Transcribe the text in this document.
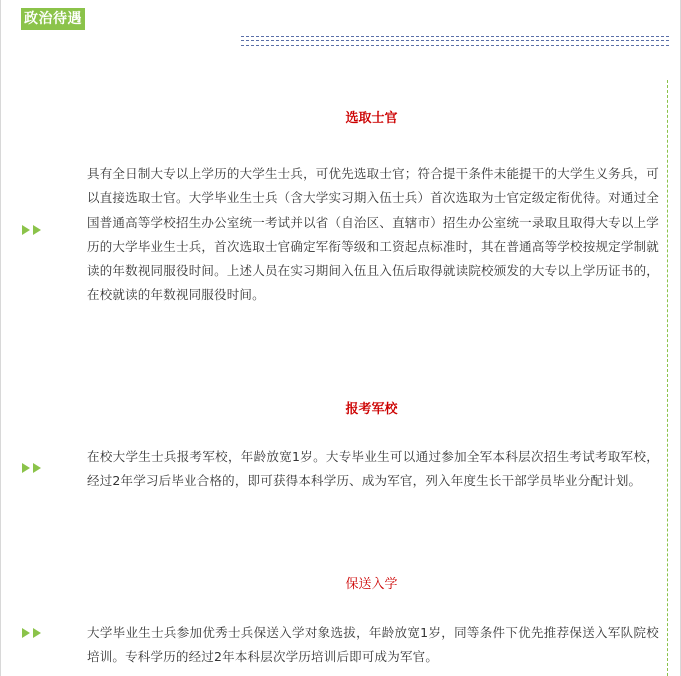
政治待遇
选取士官

具有全日制大专以上学历的大学生士兵，可优先选取士官；符合提干条件未能提干的大学生义务兵，可以直接选取士官。大学毕业生士兵（含大学实习期入伍士兵）首次选取为士官定级定衔优待。对通过全国普通高等学校招生办公室统一考试并以省（自治区、直辖市）招生办公室统一录取且取得大专以上学历的大学毕业生士兵，首次选取士官确定军衔等级和工资起点标准时，其在普通高等学校按规定学制就读的年数视同服役时间。上述人员在实习期间入伍且入伍后取得就读院校颁发的大专以上学历证书的，在校就读的年数视同服役时间。

报考军校

在校大学生士兵报考军校，年龄放宽1岁。大专毕业生可以通过参加全军本科层次招生考试考取军校，经过2年学习后毕业合格的，即可获得本科学历、成为军官，列入年度生长干部学员毕业分配计划。

保送入学

大学毕业生士兵参加优秀士兵保送入学对象选拔，年龄放宽1岁，同等条件下优先推荐保送入军队院校培训。专科学历的经过2年本科层次学历培训后即可成为军官。
